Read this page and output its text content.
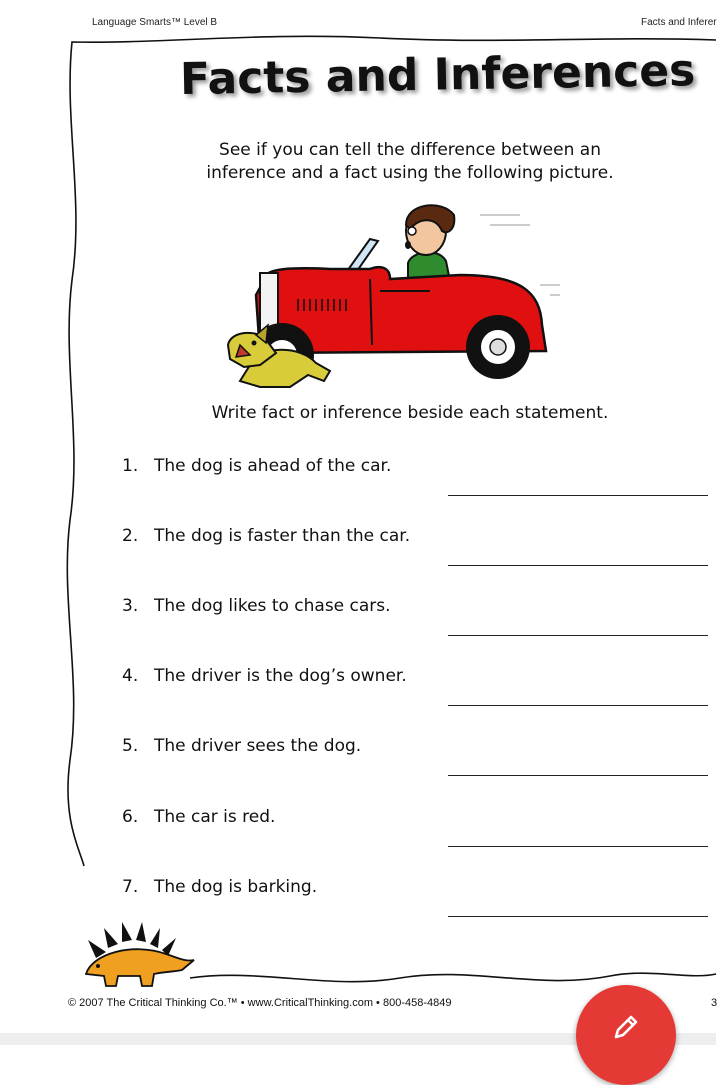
Language Smarts™ Level B	Facts and Inferer
Facts and Inferences
See if you can tell the difference between an
inference and a fact using the following picture.
Write fact or inference beside each statement.
1. The dog is ahead of the car.
2. The dog is faster than the car.
3. The dog likes to chase cars.
4. The driver is the dog’s owner.
5. The driver sees the dog.
6. The car is red.
7. The dog is barking.
© 2007 The Critical Thinking Co.™ • www.CriticalThinking.com • 800-458-4849	3
